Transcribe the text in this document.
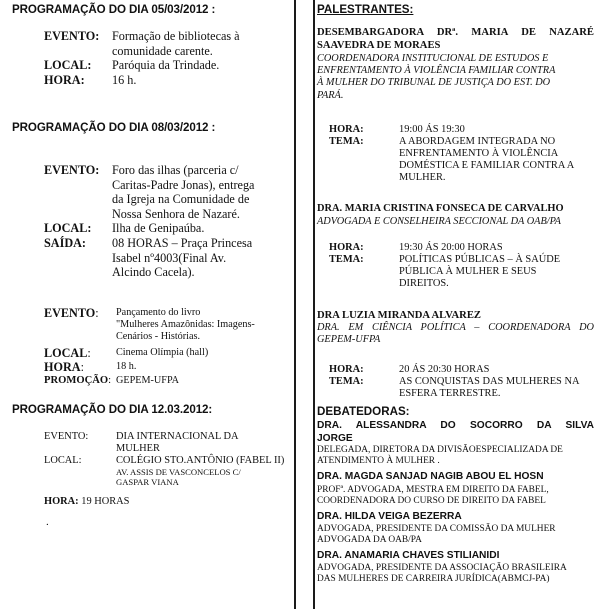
PROGRAMAÇÃO DO DIA 05/03/2012 :
EVENTO:	Formação de bibliotecas à
comunidade carente.
LOCAL:	Paróquia da Trindade.
HORA:	16 h.
PROGRAMAÇÃO DO DIA 08/03/2012 :
EVENTO:	Foro das ilhas (parceria c/
Caritas-Padre Jonas), entrega
da Igreja na Comunidade de
Nossa Senhora de Nazaré.
LOCAL:	Ilha de Genipaúba.
SAÍDA:	08 HORAS – Praça Princesa
Isabel nº4003(Final Av.
Alcindo Cacela).
EVENTO:	Pançamento do livro
"Mulheres Amazônidas: Imagens-
Cenários - Histórias.
LOCAL:	Cinema Olímpia (hall)
HORA:	18 h.
PROMOÇÃO: GEPEM-UFPA
PROGRAMAÇÃO DO DIA 12.03.2012:
EVENTO:	DIA INTERNACIONAL DA
MULHER
LOCAL:	COLÉGIO STO.ANTÔNIO (FABEL II)
AV. ASSIS DE VASCONCELOS C/
GASPAR VIANA
HORA: 19 HORAS
.
PALESTRANTES:
DESEMBARGADORA DRª. MARIA DE NAZARÉ
SAAVEDRA DE MORAES
COORDENADORA INSTITUCIONAL DE ESTUDOS E
ENFRENTAMENTO À VIOLÊNCIA FAMILIAR CONTRA
À MULHER DO TRIBUNAL DE JUSTIÇA DO EST. DO
PARÁ.
HORA:	19:00 ÁS 19:30
TEMA:	A ABORDAGEM INTEGRADA NO
ENFRENTAMENTO À VIOLÊNCIA
DOMÉSTICA E FAMILIAR CONTRA A
MULHER.
DRA. MARIA CRISTINA FONSECA DE CARVALHO
ADVOGADA E CONSELHEIRA SECCIONAL DA OAB/PA
HORA:	19:30 ÁS 20:00 HORAS
TEMA:	POLÍTICAS PÚBLICAS – À SAÚDE
PÚBLICA À MULHER E SEUS
DIREITOS.
DRA LUZIA MIRANDA ALVAREZ
DRA. EM CIÊNCIA POLÍTICA – COORDENADORA DO
GEPEM-UFPA
HORA:	20 ÁS 20:30 HORAS
TEMA:	AS CONQUISTAS DAS MULHERES NA
ESFERA TERRESTRE.
DEBATEDORAS:
DRA. ALESSANDRA DO SOCORRO DA SILVA
JORGE
DELEGADA, DIRETORA DA DIVISÃOESPECIALIZADA DE
ATENDIMENTO À MULHER .
DRA. MAGDA SANJAD NAGIB ABOU EL HOSN
PROFª. ADVOGADA, MESTRA EM DIREITO DA FABEL,
COORDENADORA DO CURSO DE DIREITO DA FABEL
DRA. HILDA VEIGA BEZERRA
ADVOGADA, PRESIDENTE DA COMISSÃO DA MULHER
ADVOGADA DA OAB/PA
DRA. ANAMARIA CHAVES STILIANIDI
ADVOGADA, PRESIDENTE DA ASSOCIAÇÃO BRASILEIRA
DAS MULHERES DE CARREIRA JURÍDICA(ABMCJ-PA)
